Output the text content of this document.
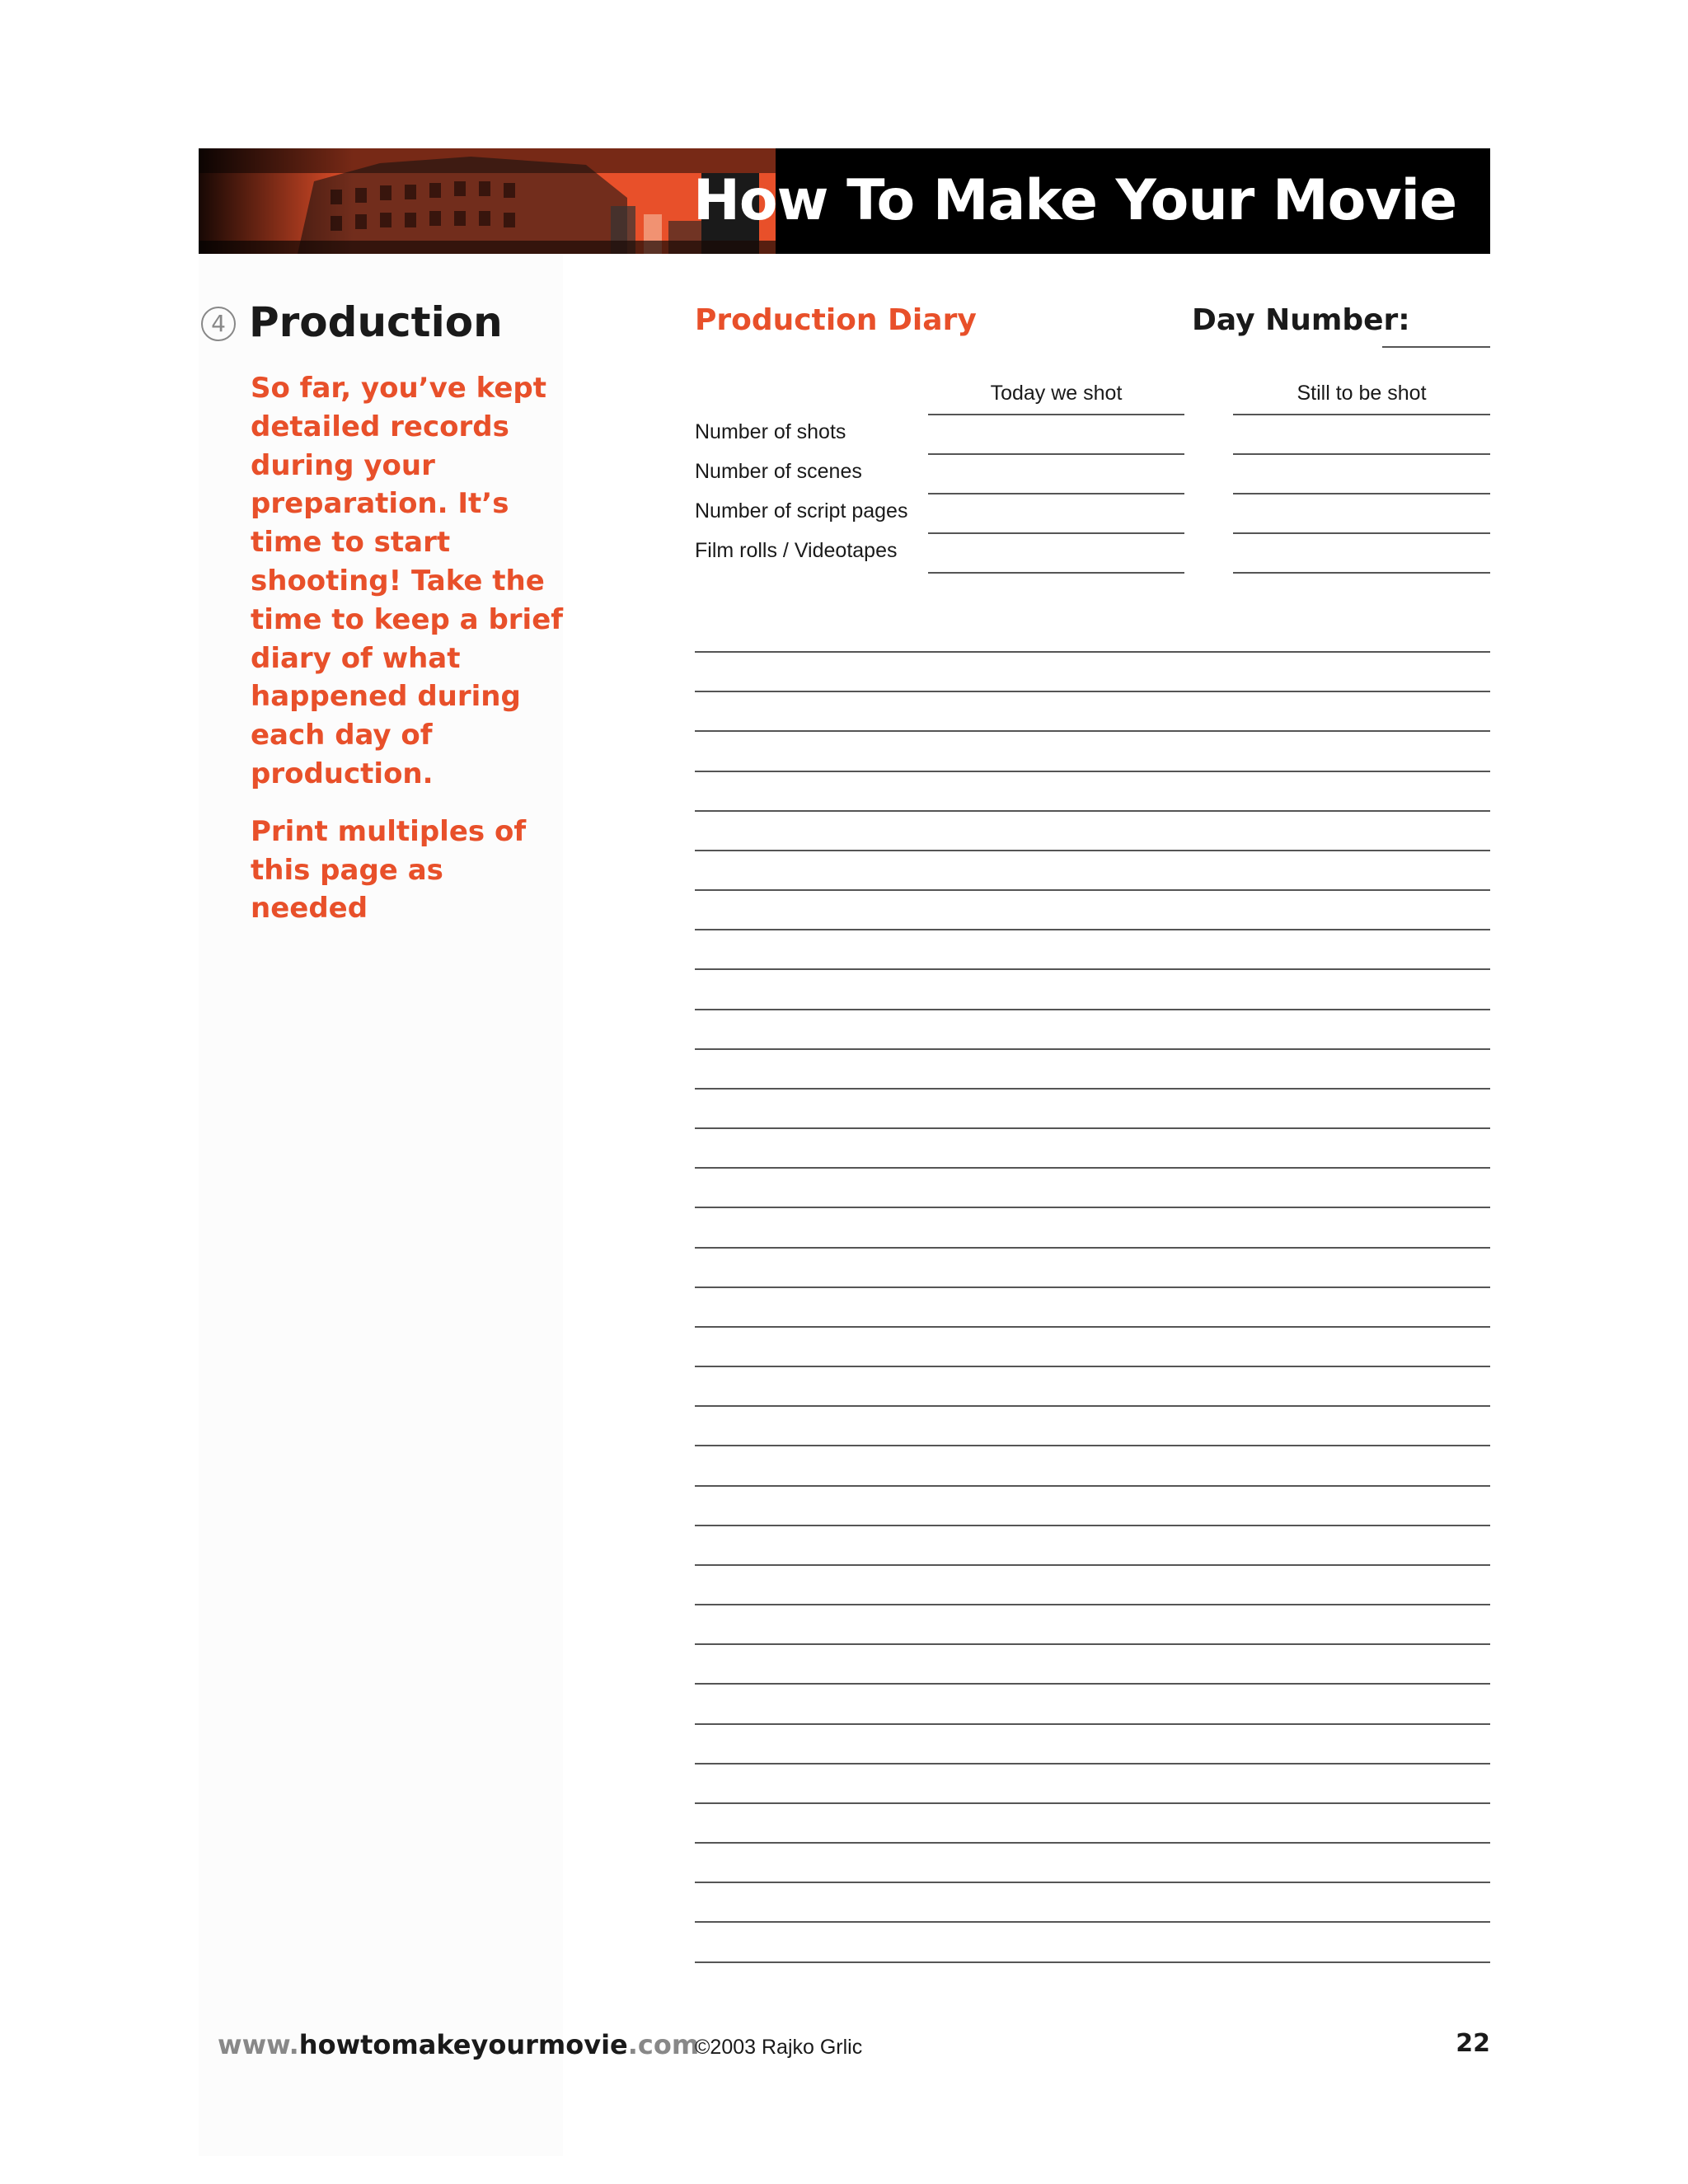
How To Make Your Movie
4 Production

So far, you’ve kept detailed records during your preparation. It’s time to start shooting! Take the time to keep a brief diary of what happened during each day of production.

Print multiples of this page as needed

Production Diary	Day Number:
Today we shot	Still to be shot
Number of shots
Number of scenes
Number of script pages
Film rolls / Videotapes
www.howtomakeyourmovie.com
©2003 Rajko Grlic	22
